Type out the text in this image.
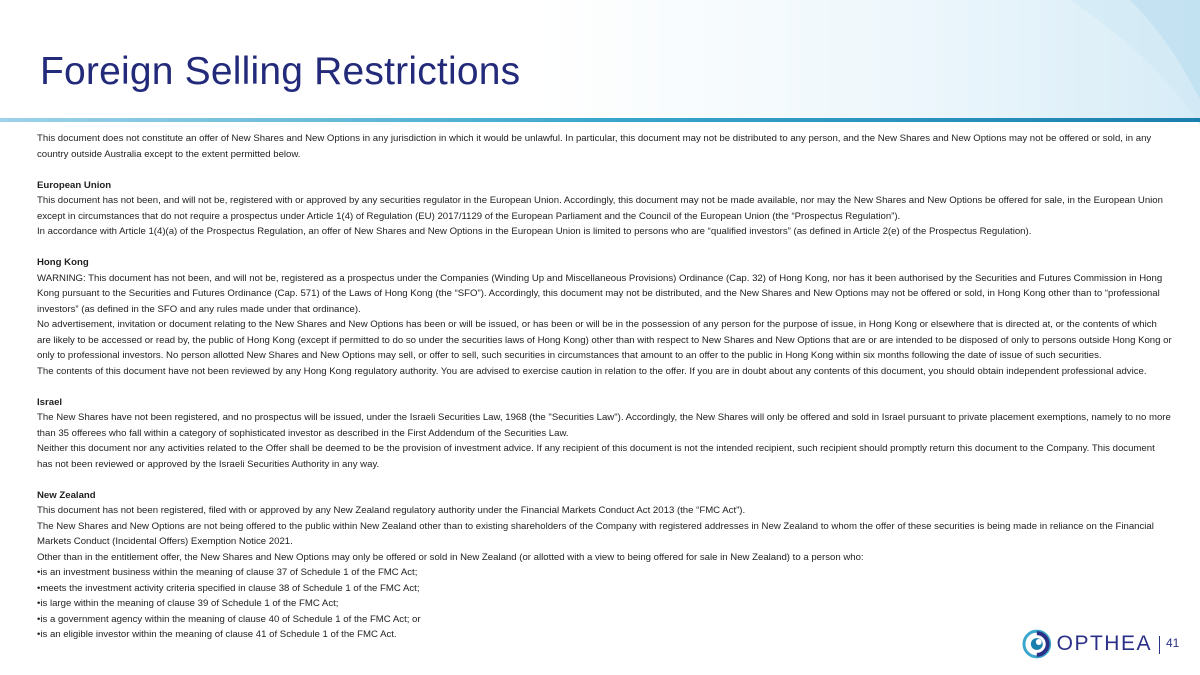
Foreign Selling Restrictions

This document does not constitute an offer of New Shares and New Options in any jurisdiction in which it would be unlawful. In particular, this document may not be distributed to any person, and the New Shares and New Options may not be offered or sold, in any country outside Australia except to the extent permitted below.

European Union

This document has not been, and will not be, registered with or approved by any securities regulator in the European Union. Accordingly, this document may not be made available, nor may the New Shares and New Options be offered for sale, in the European Union except in circumstances that do not require a prospectus under Article 1(4) of Regulation (EU) 2017/1129 of the European Parliament and the Council of the European Union (the “Prospectus Regulation”).

In accordance with Article 1(4)(a) of the Prospectus Regulation, an offer of New Shares and New Options in the European Union is limited to persons who are “qualified investors” (as defined in Article 2(e) of the Prospectus Regulation).

Hong Kong

WARNING: This document has not been, and will not be, registered as a prospectus under the Companies (Winding Up and Miscellaneous Provisions) Ordinance (Cap. 32) of Hong Kong, nor has it been authorised by the Securities and Futures Commission in Hong Kong pursuant to the Securities and Futures Ordinance (Cap. 571) of the Laws of Hong Kong (the “SFO”). Accordingly, this document may not be distributed, and the New Shares and New Options may not be offered or sold, in Hong Kong other than to “professional investors” (as defined in the SFO and any rules made under that ordinance).

No advertisement, invitation or document relating to the New Shares and New Options has been or will be issued, or has been or will be in the possession of any person for the purpose of issue, in Hong Kong or elsewhere that is directed at, or the contents of which are likely to be accessed or read by, the public of Hong Kong (except if permitted to do so under the securities laws of Hong Kong) other than with respect to New Shares and New Options that are or are intended to be disposed of only to persons outside Hong Kong or only to professional investors. No person allotted New Shares and New Options may sell, or offer to sell, such securities in circumstances that amount to an offer to the public in Hong Kong within six months following the date of issue of such securities.

The contents of this document have not been reviewed by any Hong Kong regulatory authority. You are advised to exercise caution in relation to the offer. If you are in doubt about any contents of this document, you should obtain independent professional advice.

Israel

The New Shares have not been registered, and no prospectus will be issued, under the Israeli Securities Law, 1968 (the "Securities Law"). Accordingly, the New Shares will only be offered and sold in Israel pursuant to private placement exemptions, namely to no more than 35 offerees who fall within a category of sophisticated investor as described in the First Addendum of the Securities Law.

Neither this document nor any activities related to the Offer shall be deemed to be the provision of investment advice. If any recipient of this document is not the intended recipient, such recipient should promptly return this document to the Company. This document has not been reviewed or approved by the Israeli Securities Authority in any way.

New Zealand

This document has not been registered, filed with or approved by any New Zealand regulatory authority under the Financial Markets Conduct Act 2013 (the “FMC Act”).

The New Shares and New Options are not being offered to the public within New Zealand other than to existing shareholders of the Company with registered addresses in New Zealand to whom the offer of these securities is being made in reliance on the Financial Markets Conduct (Incidental Offers) Exemption Notice 2021.

Other than in the entitlement offer, the New Shares and New Options may only be offered or sold in New Zealand (or allotted with a view to being offered for sale in New Zealand) to a person who:

•is an investment business within the meaning of clause 37 of Schedule 1 of the FMC Act;

•meets the investment activity criteria specified in clause 38 of Schedule 1 of the FMC Act;

•is large within the meaning of clause 39 of Schedule 1 of the FMC Act;

•is a government agency within the meaning of clause 40 of Schedule 1 of the FMC Act; or

•is an eligible investor within the meaning of clause 41 of Schedule 1 of the FMC Act.	OPTHEA 41
